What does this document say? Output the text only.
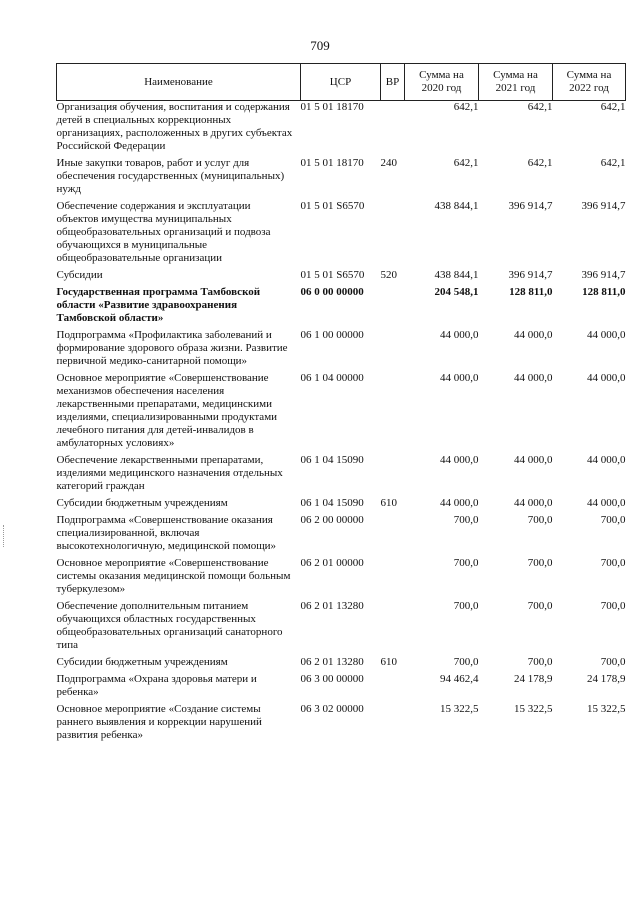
709
Наименование	ЦСР	ВР	Сумма на 2020 год	Сумма на 2021 год	Сумма на 2022 год
Организация обучения, воспитания и содержания детей в специальных коррекционных организациях, расположенных в других субъектах Российской Федерации	01 5 01 18170		642,1	642,1	642,1
Иные закупки товаров, работ и услуг для обеспечения государственных (муниципальных) нужд	01 5 01 18170	240	642,1	642,1	642,1
Обеспечение содержания и эксплуатации объектов имущества муниципальных общеобразовательных организаций и подвоза обучающихся в муниципальные общеобразовательные организации	01 5 01 S6570		438 844,1	396 914,7	396 914,7
Субсидии	01 5 01 S6570	520	438 844,1	396 914,7	396 914,7
Государственная программа Тамбовской области «Развитие здравоохранения Тамбовской области»	06 0 00 00000		204 548,1	128 811,0	128 811,0
Подпрограмма «Профилактика заболеваний и формирование здорового образа жизни. Развитие первичной медико-санитарной помощи»	06 1 00 00000		44 000,0	44 000,0	44 000,0
Основное мероприятие «Совершенствование механизмов обеспечения населения лекарственными препаратами, медицинскими изделиями, специализированными продуктами лечебного питания для детей-инвалидов в амбулаторных условиях»	06 1 04 00000		44 000,0	44 000,0	44 000,0
Обеспечение лекарственными препаратами, изделиями медицинского назначения отдельных категорий граждан	06 1 04 15090		44 000,0	44 000,0	44 000,0
Субсидии бюджетным учреждениям	06 1 04 15090	610	44 000,0	44 000,0	44 000,0
Подпрограмма «Совершенствование оказания специализированной, включая высокотехнологичную, медицинской помощи»	06 2 00 00000		700,0	700,0	700,0
Основное мероприятие «Совершенствование системы оказания медицинской помощи больным туберкулезом»	06 2 01 00000		700,0	700,0	700,0
Обеспечение дополнительным питанием обучающихся областных государственных общеобразовательных организаций санаторного типа	06 2 01 13280		700,0	700,0	700,0
Субсидии бюджетным учреждениям	06 2 01 13280	610	700,0	700,0	700,0
Подпрограмма «Охрана здоровья матери и ребенка»	06 3 00 00000		94 462,4	24 178,9	24 178,9
Основное мероприятие «Создание системы раннего выявления и коррекции нарушений развития ребенка»	06 3 02 00000		15 322,5	15 322,5	15 322,5
